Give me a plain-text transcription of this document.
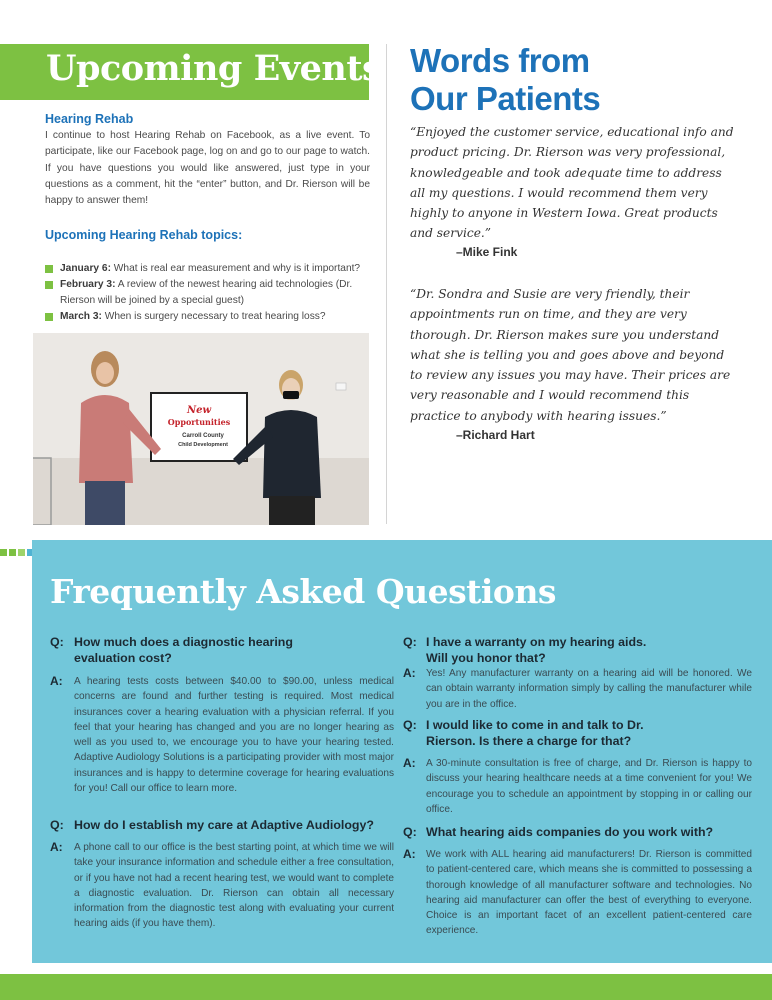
Upcoming Events
Hearing Rehab

I continue to host Hearing Rehab on Facebook, as a live event. To participate, like our Facebook page, log on and go to our page to watch. If you have questions you would like answered, just type in your questions as a comment, hit the “enter” button, and Dr. Rierson will be happy to answer them!

Upcoming Hearing Rehab topics:
January 6: What is real ear measurement and why is it important?
February 3: A review of the newest hearing aid technologies (Dr. Rierson will be joined by a special guest)
March 3: When is surgery necessary to treat hearing loss?
New
Opportunities
Carroll County
Child Development
Words from
Our Patients

“Enjoyed the customer service, educational info and product pricing. Dr. Rierson was very professional, knowledgeable and took adequate time to address all my questions. I would recommend them very highly to anyone in Western Iowa. Great products and service.”

–Mike Fink

“Dr. Sondra and Susie are very friendly, their appointments run on time, and they are very thorough. Dr. Rierson makes sure you understand what she is telling you and goes above and beyond to review any issues you may have. Their prices are very reasonable and I would recommend this practice to anybody with hearing issues.”

–Richard Hart

Frequently Asked Questions
Q: How much does a diagnostic hearing evaluation cost?
A: A hearing tests costs between $40.00 to $90.00, unless medical concerns are found and further testing is required. Most medical insurances cover a hearing evaluation with a physician referral. If you feel that your hearing has changed and you are no longer hearing as well as you used to, we encourage you to have your hearing tested. Adaptive Audiology Solutions is a participating provider with most major insurances and is happy to determine coverage for hearing evaluations for you! Call our office to learn more.
Q: How do I establish my care at Adaptive Audiology?
A: A phone call to our office is the best starting point, at which time we will take your insurance information and schedule either a free consultation, or if you have not had a recent hearing test, we would want to complete a diagnostic evaluation. Dr. Rierson can obtain all necessary information from the diagnostic test along with evaluating your current hearing aids (if you have them).
Q: I have a warranty on my hearing aids. Will you honor that?
A: Yes! Any manufacturer warranty on a hearing aid will be honored. We can obtain warranty information simply by calling the manufacturer while you are in the office.
Q: I would like to come in and talk to Dr. Rierson. Is there a charge for that?
A: A 30-minute consultation is free of charge, and Dr. Rierson is happy to discuss your hearing healthcare needs at a time convenient for you! We encourage you to schedule an appointment by stopping in or calling our office.
Q: What hearing aids companies do you work with?
A: We work with ALL hearing aid manufacturers! Dr. Rierson is committed to patient-centered care, which means she is committed to possessing a thorough knowledge of all manufacturer software and technologies. No hearing aid manufacturer can offer the best of everything to everyone. Choice is an important facet of an excellent patient-centered care experience.
